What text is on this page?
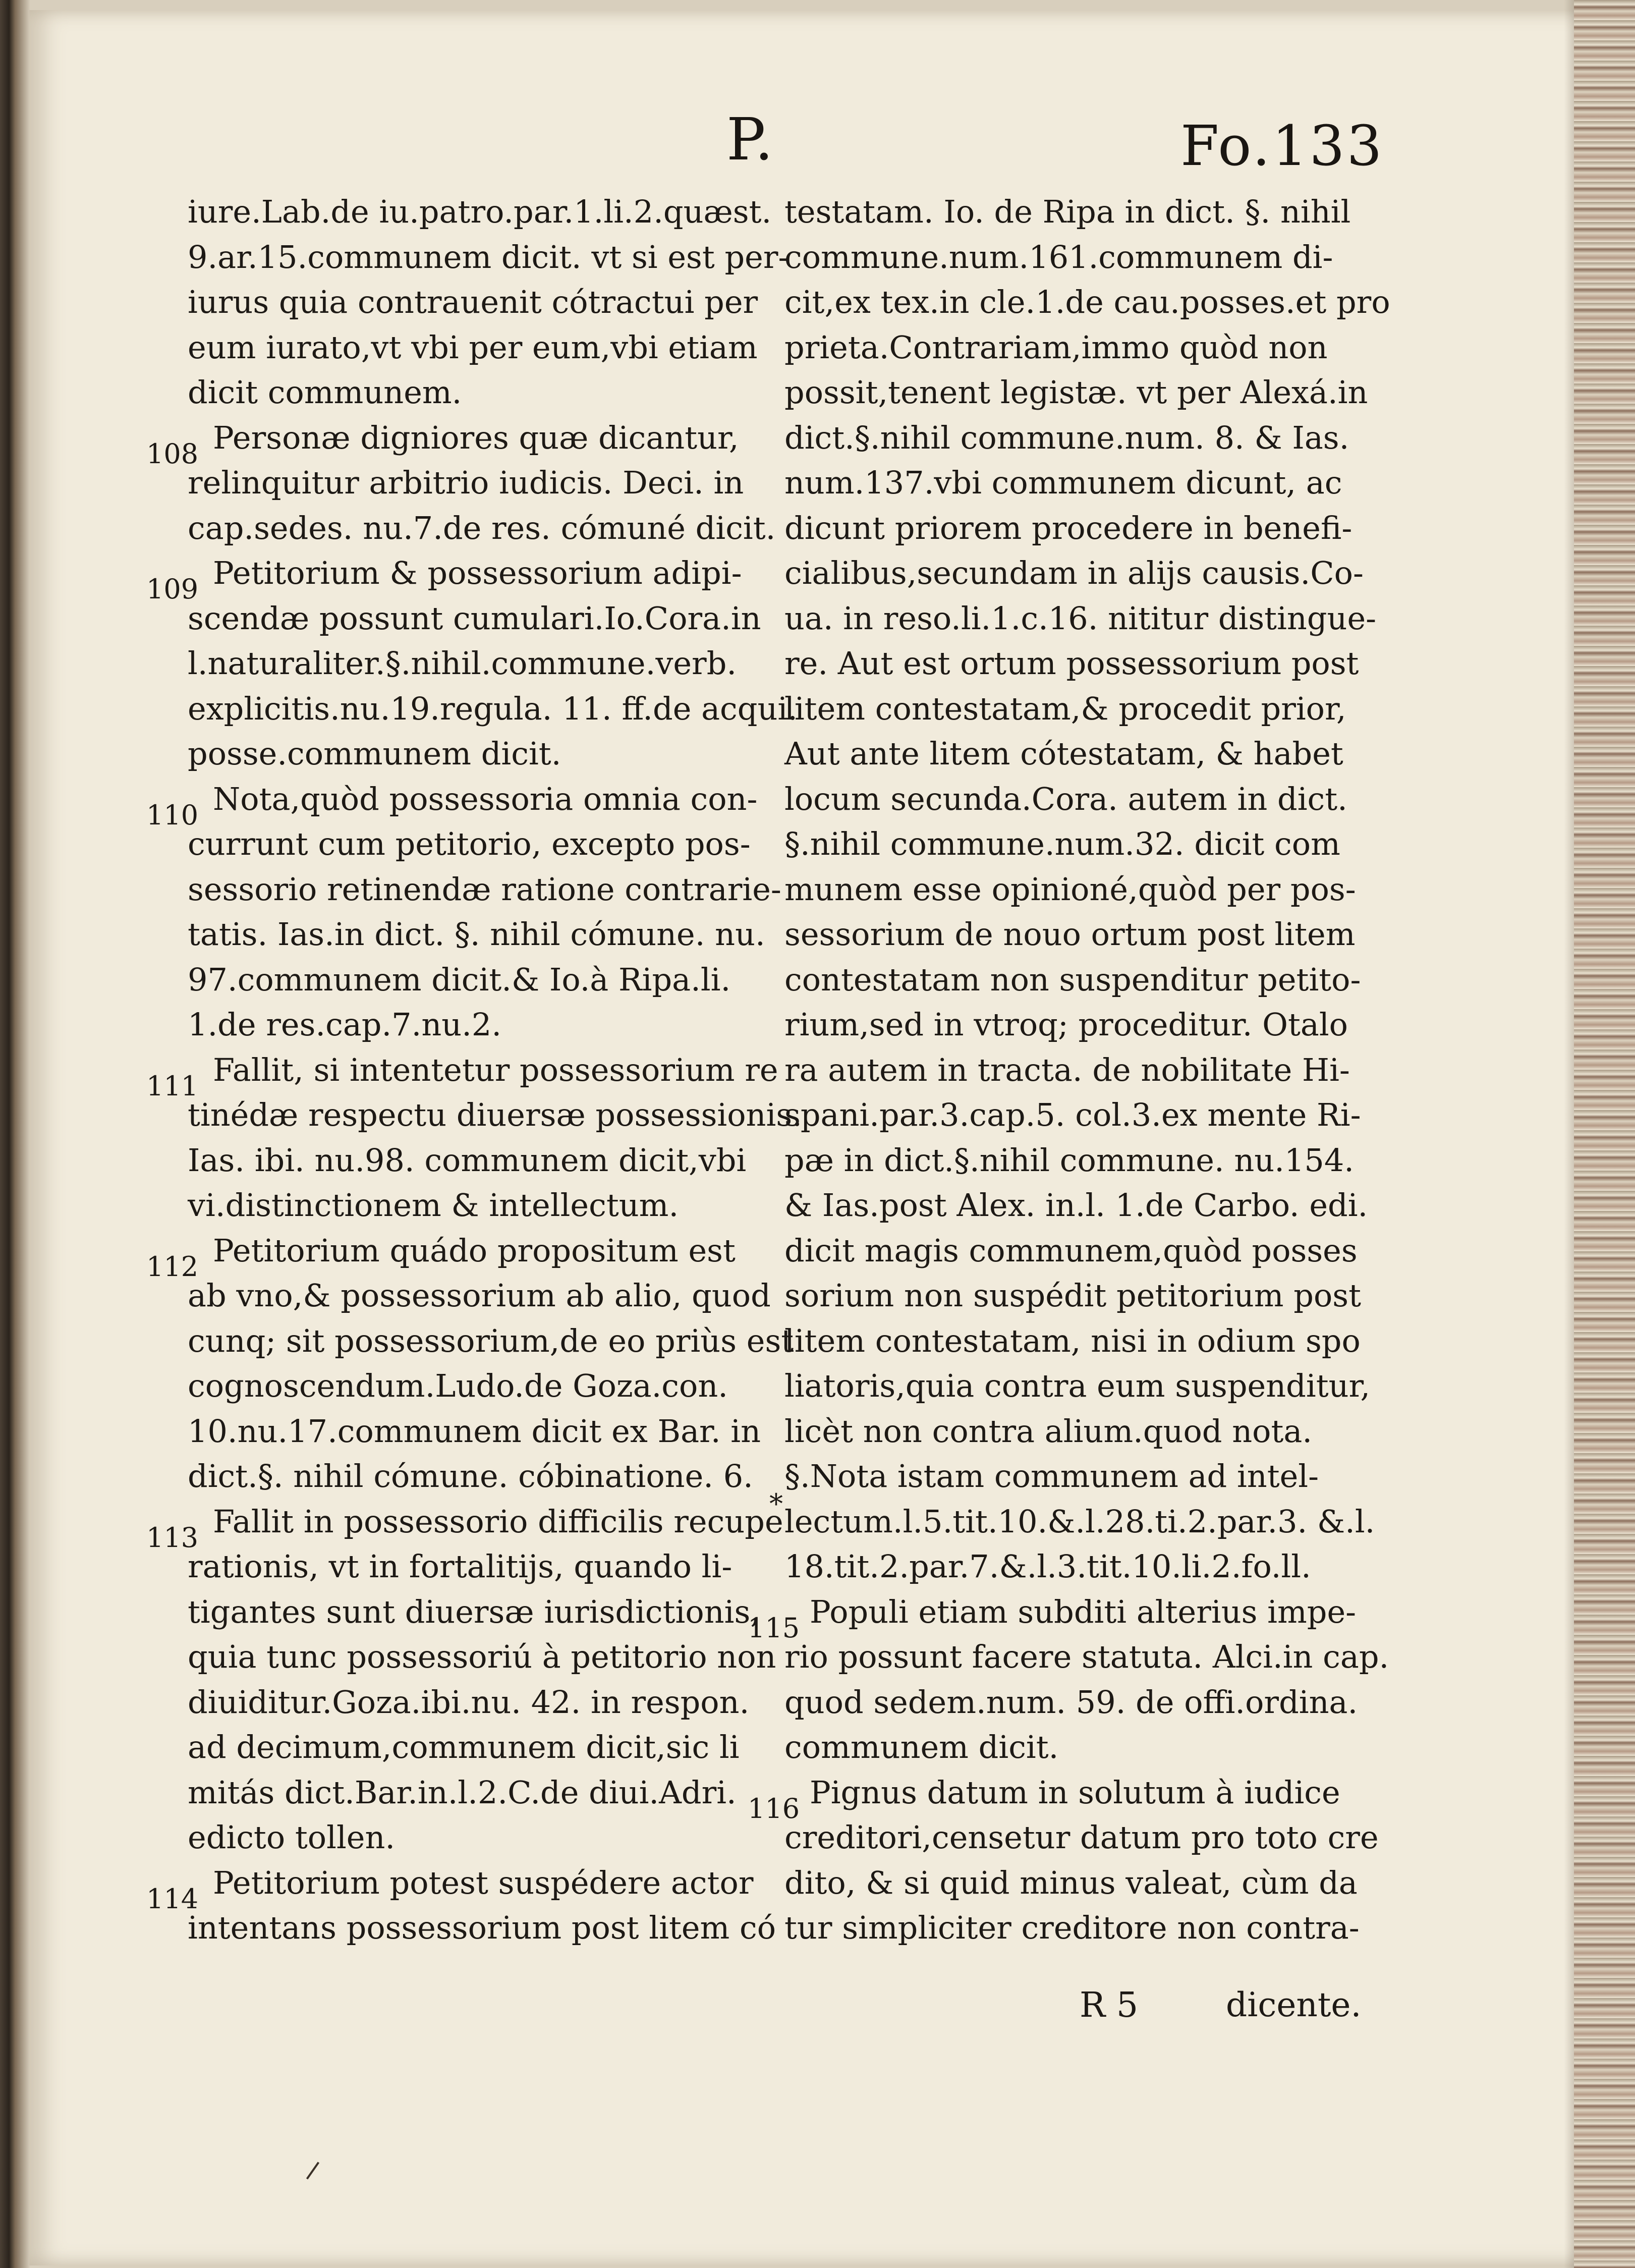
P.	Fo.133
iure.Lab.de iu.patro.par.1.li.2.quæst.
9.ar.15.communem dicit. vt si est per-
iurus quia contrauenit cótractui per
eum iurato,vt vbi per eum,vbi etiam
dicit communem.
Personæ digniores quæ dicantur,
relinquitur arbitrio iudicis. Deci. in
cap.sedes. nu.7.de res. cómuné dicit.
Petitorium & possessorium adipi-
scendæ possunt cumulari.Io.Cora.in
l.naturaliter.§.nihil.commune.verb.
explicitis.nu.19.regula. 11. ff.de acqui.
posse.communem dicit.
Nota,quòd possessoria omnia con-
currunt cum petitorio, excepto pos-
sessorio retinendæ ratione contrarie-
tatis. Ias.in dict. §. nihil cómune. nu.
97.communem dicit.& Io.à Ripa.li.
1.de res.cap.7.nu.2.
Fallit, si intentetur possessorium re
tinédæ respectu diuersæ possessionis.
Ias. ibi. nu.98. communem dicit,vbi
vi.distinctionem & intellectum.
Petitorium quádo propositum est
ab vno,& possessorium ab alio, quod
cunq; sit possessorium,de eo priùs est
cognoscendum.Ludo.de Goza.con.
10.nu.17.communem dicit ex Bar. in
dict.§. nihil cómune. cóbinatione. 6.
Fallit in possessorio difficilis recupe
rationis, vt in fortalitijs, quando li-
tigantes sunt diuersæ iurisdictionis,
quia tunc possessoriú à petitorio non
diuiditur.Goza.ibi.nu. 42. in respon.
ad decimum,communem dicit,sic li
mitás dict.Bar.in.l.2.C.de diui.Adri.
edicto tollen.
Petitorium potest suspédere actor
intentans possessorium post litem có
testatam. Io. de Ripa in dict. §. nihil
commune.num.161.communem di-
cit,ex tex.in cle.1.de cau.posses.et pro
prieta.Contrariam,immo quòd non
possit,tenent legistæ. vt per Alexá.in
dict.§.nihil commune.num. 8. & Ias.
num.137.vbi communem dicunt, ac
dicunt priorem procedere in benefi-
cialibus,secundam in alijs causis.Co-
ua. in reso.li.1.c.16. nititur distingue-
re. Aut est ortum possessorium post
litem contestatam,& procedit prior,
Aut ante litem cótestatam, & habet
locum secunda.Cora. autem in dict.
§.nihil commune.num.32. dicit com
munem esse opinioné,quòd per pos-
sessorium de nouo ortum post litem
contestatam non suspenditur petito-
rium,sed in vtroq; proceditur. Otalo
ra autem in tracta. de nobilitate Hi-
spani.par.3.cap.5. col.3.ex mente Ri-
pæ in dict.§.nihil commune. nu.154.
& Ias.post Alex. in.l. 1.de Carbo. edi.
dicit magis communem,quòd posses
sorium non suspédit petitorium post
litem contestatam, nisi in odium spo
liatoris,quia contra eum suspenditur,
licèt non contra alium.quod nota.
§.Nota istam communem ad intel-
lectum.l.5.tit.10.&.l.28.ti.2.par.3. &.l.
18.tit.2.par.7.&.l.3.tit.10.li.2.fo.ll.
Populi etiam subditi alterius impe-
rio possunt facere statuta. Alci.in cap.
quod sedem.num. 59. de offi.ordina.
communem dicit.
Pignus datum in solutum à iudice
creditori,censetur datum pro toto cre
dito, & si quid minus valeat, cùm da
tur simpliciter creditore non contra-
108
109
110
111
112
113
114
115
116
⁎
R 5	dicente.
